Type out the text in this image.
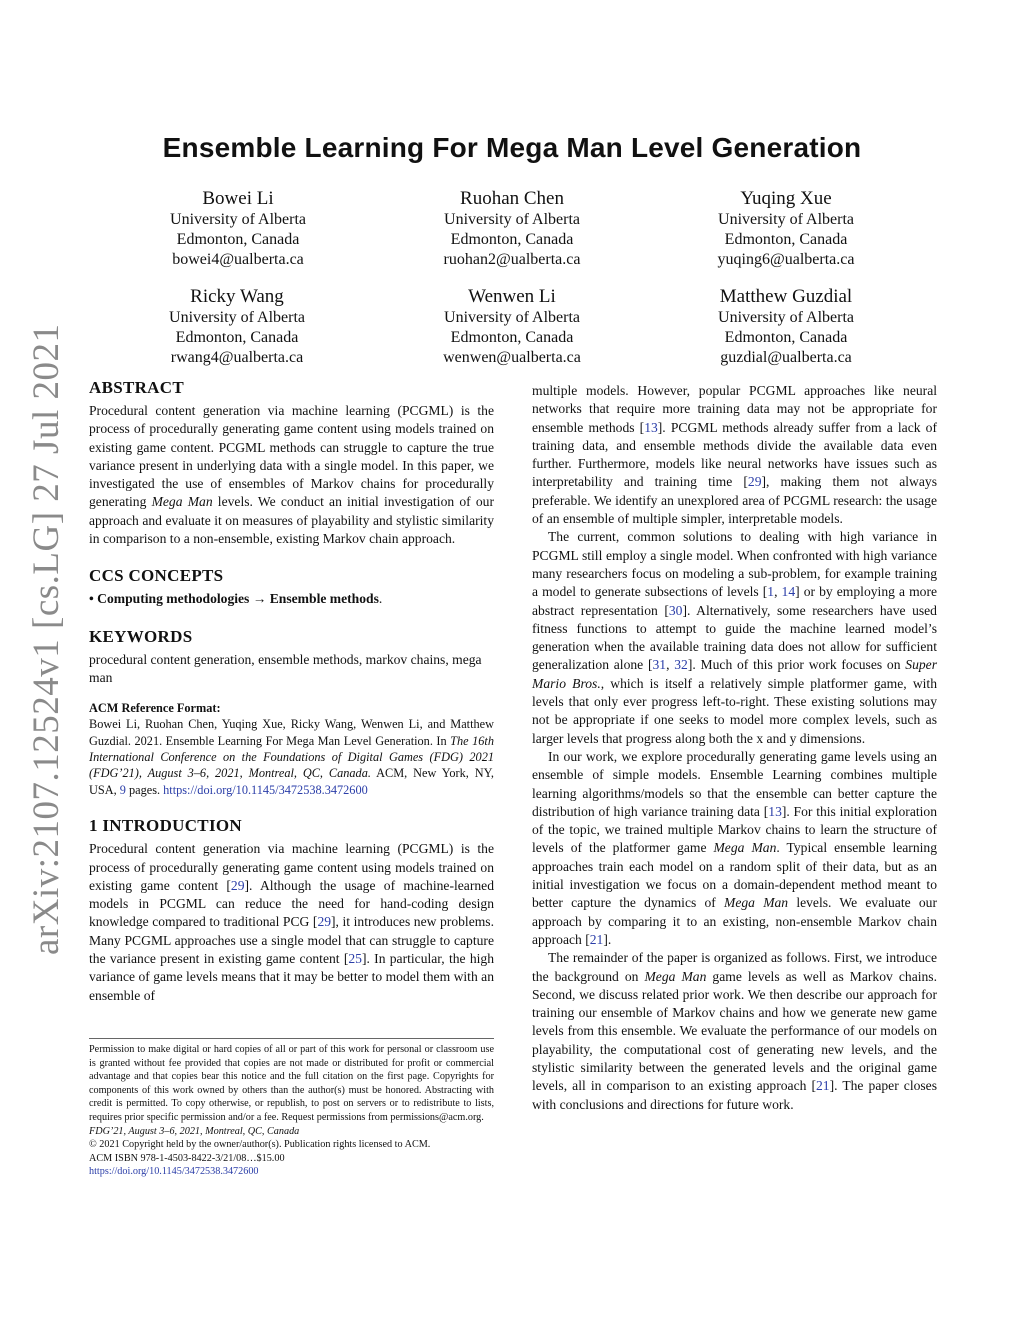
arXiv:2107.12524v1 [cs.LG] 27 Jul 2021
Ensemble Learning For Mega Man Level Generation
Bowei Li
University of Alberta
Edmonton, Canada
bowei4@ualberta.ca
Ruohan Chen
University of Alberta
Edmonton, Canada
ruohan2@ualberta.ca
Yuqing Xue
University of Alberta
Edmonton, Canada
yuqing6@ualberta.ca
Ricky Wang
University of Alberta
Edmonton, Canada
rwang4@ualberta.ca
Wenwen Li
University of Alberta
Edmonton, Canada
wenwen@ualberta.ca
Matthew Guzdial
University of Alberta
Edmonton, Canada
guzdial@ualberta.ca
ABSTRACT

Procedural content generation via machine learning (PCGML) is the process of procedurally generating game content using models trained on existing game content. PCGML methods can struggle to capture the true variance present in underlying data with a single model. In this paper, we investigated the use of ensembles of Markov chains for procedurally generating Mega Man levels. We conduct an initial investigation of our approach and evaluate it on measures of playability and stylistic similarity in comparison to a non-ensemble, existing Markov chain approach.

CCS CONCEPTS

• Computing methodologies → Ensemble methods.

KEYWORDS

procedural content generation, ensemble methods, markov chains, mega man

ACM Reference Format:

Bowei Li, Ruohan Chen, Yuqing Xue, Ricky Wang, Wenwen Li, and Matthew Guzdial. 2021. Ensemble Learning For Mega Man Level Generation. In The 16th International Conference on the Foundations of Digital Games (FDG) 2021 (FDG’21), August 3–6, 2021, Montreal, QC, Canada. ACM, New York, NY, USA, 9 pages. https://doi.org/10.1145/3472538.3472600

1 INTRODUCTION

Procedural content generation via machine learning (PCGML) is the process of procedurally generating game content using models trained on existing game content [29]. Although the usage of machine-learned models in PCGML can reduce the need for hand-coding design knowledge compared to traditional PCG [29], it introduces new problems. Many PCGML approaches use a single model that can struggle to capture the variance present in existing game content [25]. In particular, the high variance of game levels means that it may be better to model them with an ensemble of

Permission to make digital or hard copies of all or part of this work for personal or classroom use is granted without fee provided that copies are not made or distributed for profit or commercial advantage and that copies bear this notice and the full citation on the first page. Copyrights for components of this work owned by others than the author(s) must be honored. Abstracting with credit is permitted. To copy otherwise, or republish, to post on servers or to redistribute to lists, requires prior specific permission and/or a fee. Request permissions from permissions@acm.org.

FDG’21, August 3–6, 2021, Montreal, QC, Canada

© 2021 Copyright held by the owner/author(s). Publication rights licensed to ACM.

ACM ISBN 978-1-4503-8422-3/21/08…$15.00

https://doi.org/10.1145/3472538.3472600

multiple models. However, popular PCGML approaches like neural networks that require more training data may not be appropriate for ensemble methods [13]. PCGML methods already suffer from a lack of training data, and ensemble methods divide the available data even further. Furthermore, models like neural networks have issues such as interpretability and training time [29], making them not always preferable. We identify an unexplored area of PCGML research: the usage of an ensemble of multiple simpler, interpretable models.

The current, common solutions to dealing with high variance in PCGML still employ a single model. When confronted with high variance many researchers focus on modeling a sub-problem, for example training a model to generate subsections of levels [1, 14] or by employing a more abstract representation [30]. Alternatively, some researchers have used fitness functions to attempt to guide the machine learned model’s generation when the available training data does not allow for sufficient generalization alone [31, 32]. Much of this prior work focuses on Super Mario Bros., which is itself a relatively simple platformer game, with levels that only ever progress left-to-right. These existing solutions may not be appropriate if one seeks to model more complex levels, such as larger levels that progress along both the x and y dimensions.

In our work, we explore procedurally generating game levels using an ensemble of simple models. Ensemble Learning combines multiple learning algorithms/models so that the ensemble can better capture the distribution of high variance training data [13]. For this initial exploration of the topic, we trained multiple Markov chains to learn the structure of levels of the platformer game Mega Man. Typical ensemble learning approaches train each model on a random split of their data, but as an initial investigation we focus on a domain-dependent method meant to better capture the dynamics of Mega Man levels. We evaluate our approach by comparing it to an existing, non-ensemble Markov chain approach [21].

The remainder of the paper is organized as follows. First, we introduce the background on Mega Man game levels as well as Markov chains. Second, we discuss related prior work. We then describe our approach for training our ensemble of Markov chains and how we generate new game levels from this ensemble. We evaluate the performance of our models on playability, the computational cost of generating new levels, and the stylistic similarity between the generated levels and the original game levels, all in comparison to an existing approach [21]. The paper closes with conclusions and directions for future work.
